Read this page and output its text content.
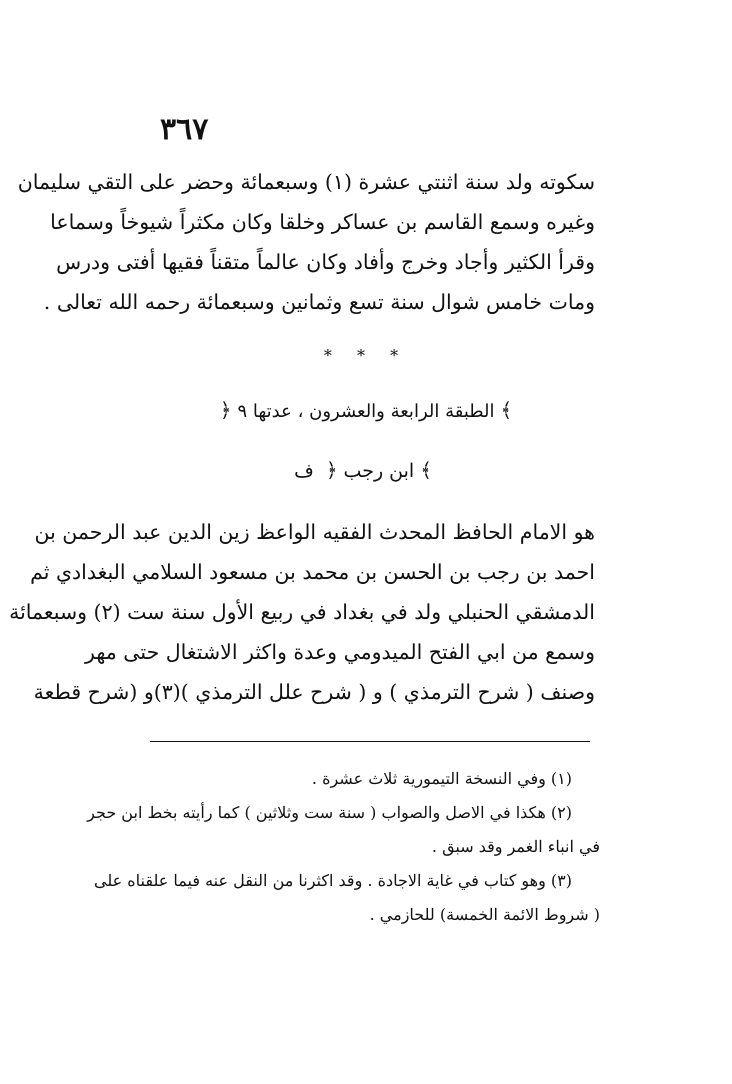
٣٦٧
سكوته ولد سنة اثنتي عشرة (١) وسبعمائة وحضر على التقي سليمان
وغيره وسمع القاسم بن عساكر وخلقا وكان مكثراً شيوخاً وسماعا
وقرأ الكثير وأجاد وخرج وأفاد وكان عالماً متقناً فقيها أفتى ودرس
ومات خامس شوال سنة تسع وثمانين وسبعمائة رحمه الله تعالى .
* * *
﴾الطبقة الرابعة والعشرون ، عدتها ٩﴿
﴾ابن رجب﴿ ف
هو الامام الحافظ المحدث الفقيه الواعظ زين الدين عبد الرحمن بن
احمد بن رجب بن الحسن بن محمد بن مسعود السلامي البغدادي ثم
الدمشقي الحنبلي ولد في بغداد في ربيع الأول سنة ست (٢) وسبعمائة
وسمع من ابي الفتح الميدومي وعدة واكثر الاشتغال حتى مهر
وصنف ( شرح الترمذي ) و ( شرح علل الترمذي )(٣)و (شرح قطعة
(١) وفي النسخة التيمورية ثلاث عشرة .
(٢) هكذا في الاصل والصواب ( سنة ست وثلاثين ) كما رأيته بخط ابن حجر
في انباء الغمر وقد سبق .
(٣) وهو كتاب في غاية الاجادة . وقد اكثرنا من النقل عنه فيما علقناه على
( شروط الائمة الخمسة) للحازمي .
